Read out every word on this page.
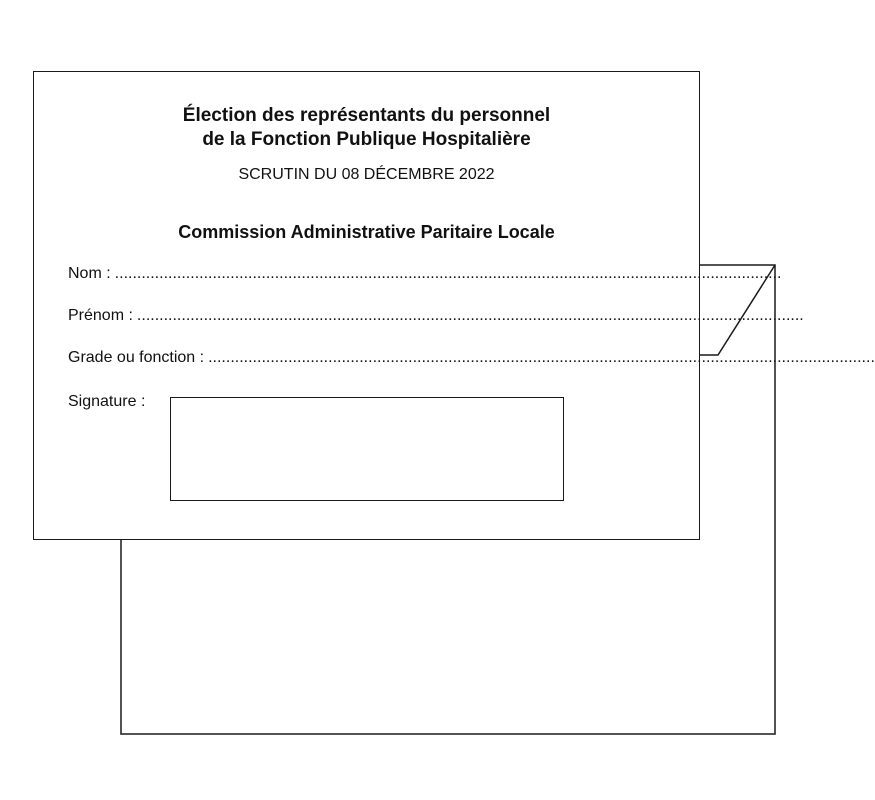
Élection des représentants du personnel
de la Fonction Publique Hospitalière
SCRUTIN DU 08 DÉCEMBRE 2022
Commission Administrative Paritaire Locale
Nom : ......................................................................................................................................................
Prénom : ......................................................................................................................................................
Grade ou fonction : ......................................................................................................................................................
Signature :
